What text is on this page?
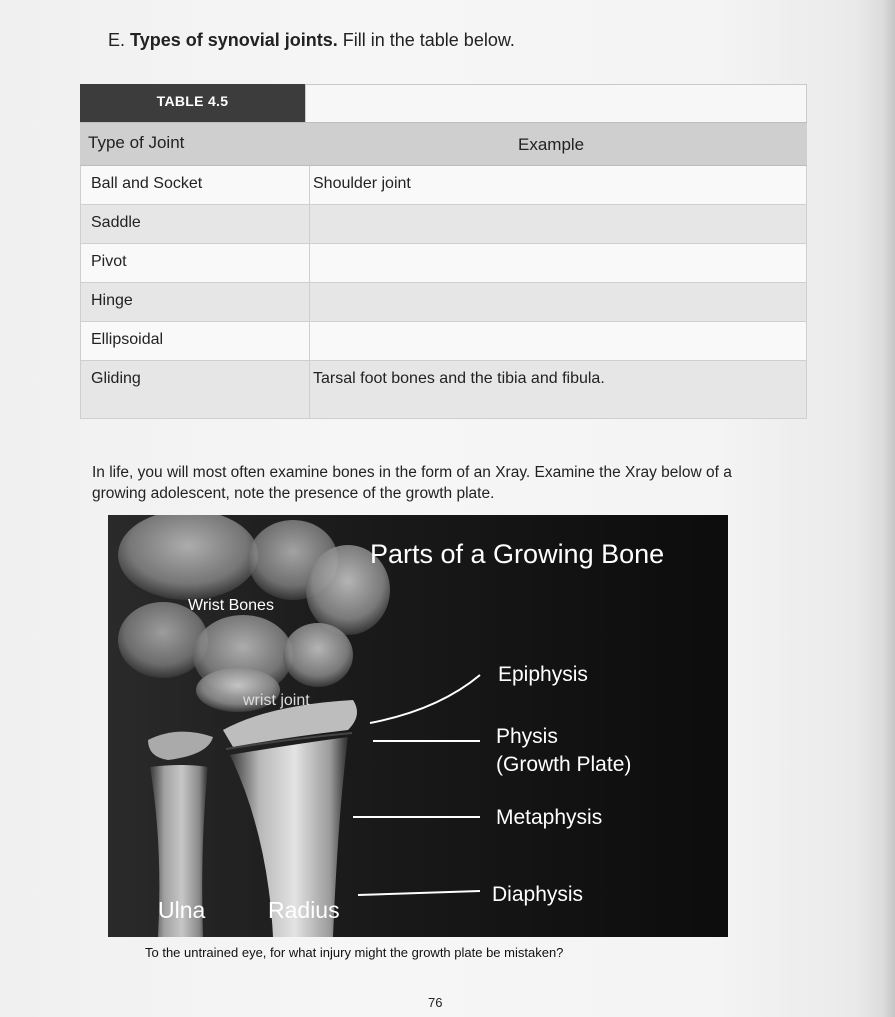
E. Types of synovial joints. Fill in the table below.
TABLE 4.5
Type of Joint	Example
Ball and Socket	Shoulder joint
Saddle
Pivot
Hinge
Ellipsoidal
Gliding	Tarsal foot bones and the tibia and fibula.
In life, you will most often examine bones in the form of an Xray. Examine the Xray below of a
growing adolescent, note the presence of the growth plate.
Parts of a Growing Bone
Wrist Bones
wrist joint
Epiphysis
Physis
(Growth Plate)
Metaphysis
Diaphysis
Ulna	Radius
To the untrained eye, for what injury might the growth plate be mistaken?
76
